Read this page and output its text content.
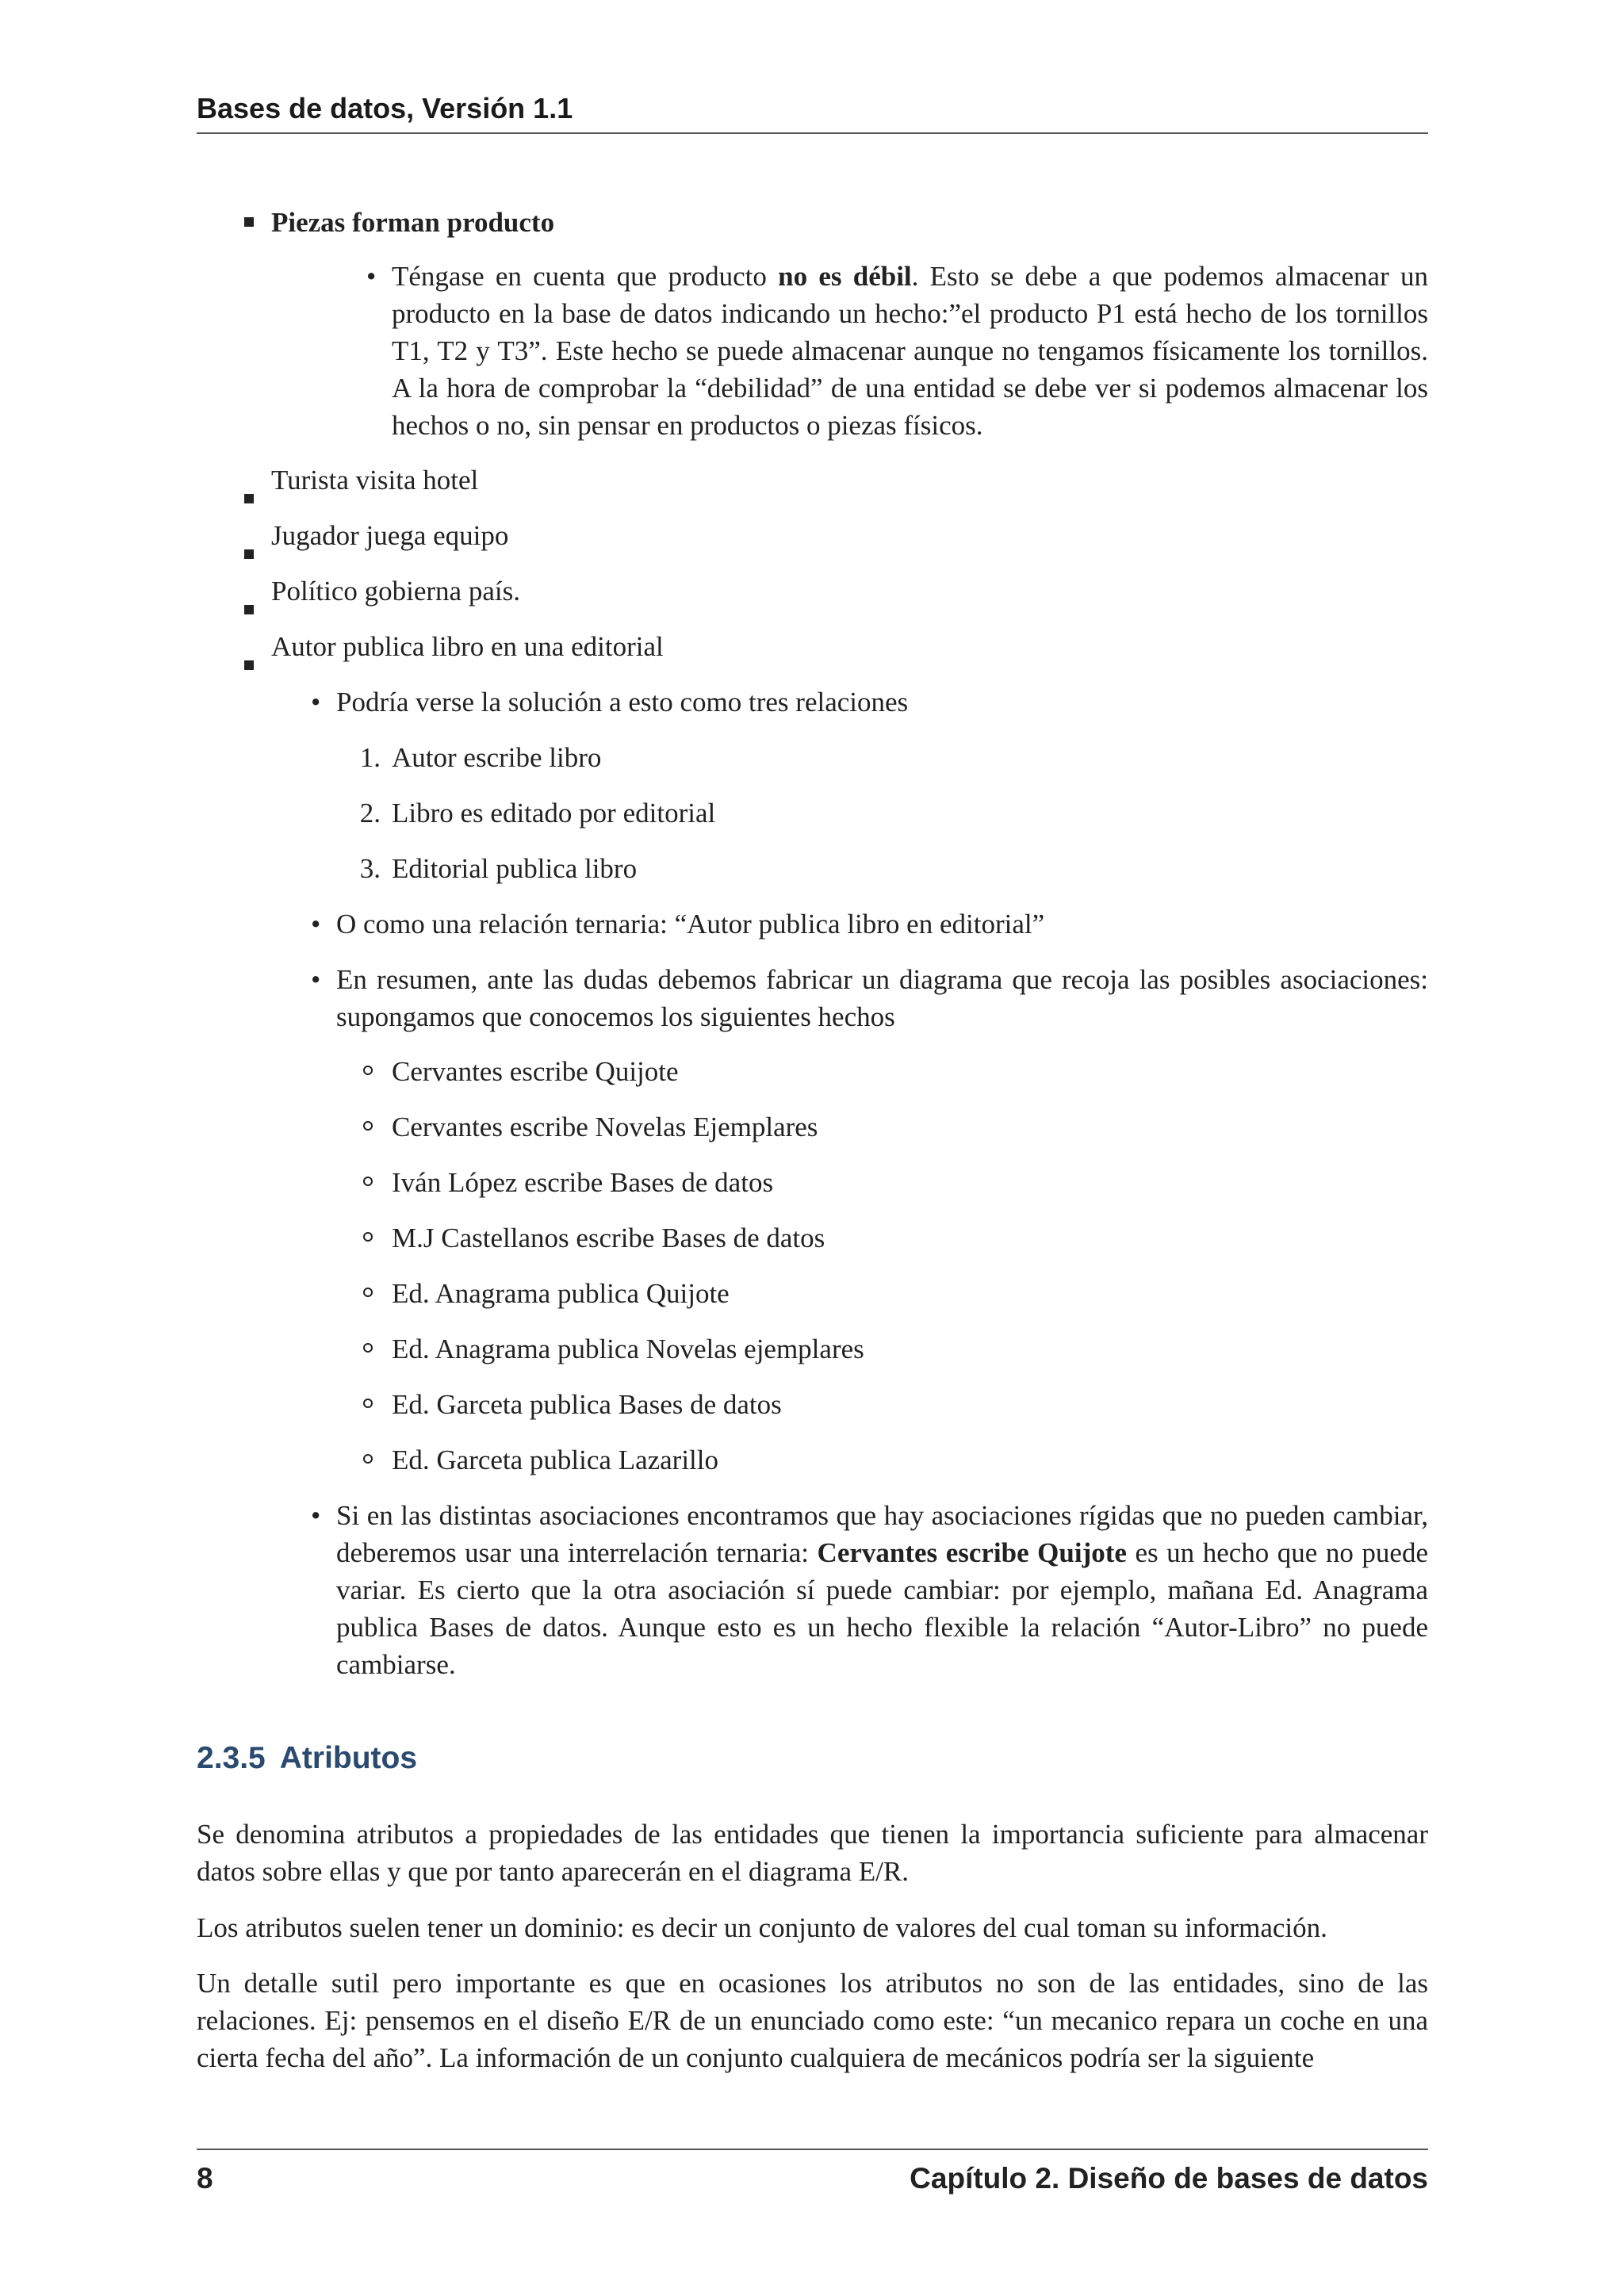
Bases de datos, Versión 1.1
Piezas forman producto
• Téngase en cuenta que producto no es débil. Esto se debe a que podemos almacenar un producto en la base de datos indicando un hecho:”el producto P1 está hecho de los tornillos T1, T2 y T3”. Este hecho se puede almacenar aunque no tengamos físicamente los tornillos. A la hora de comprobar la “debilidad” de una entidad se debe ver si podemos almacenar los hechos o no, sin pensar en productos o piezas físicos.

Turista visita hotel
Jugador juega equipo
Político gobierna país.
Autor publica libro en una editorial
• Podría verse la solución a esto como tres relaciones
1. Autor escribe libro
2. Libro es editado por editorial
3. Editorial publica libro
• O como una relación ternaria: “Autor publica libro en editorial”
• En resumen, ante las dudas debemos fabricar un diagrama que recoja las posibles asociaciones: supongamos que conocemos los siguientes hechos

Cervantes escribe Quijote
Cervantes escribe Novelas Ejemplares
Iván López escribe Bases de datos
M.J Castellanos escribe Bases de datos
Ed. Anagrama publica Quijote
Ed. Anagrama publica Novelas ejemplares
Ed. Garceta publica Bases de datos
Ed. Garceta publica Lazarillo
• Si en las distintas asociaciones encontramos que hay asociaciones rígidas que no pueden cambiar, deberemos usar una interrelación ternaria: Cervantes escribe Quijote es un hecho que no puede variar. Es cierto que la otra asociación sí puede cambiar: por ejemplo, mañana Ed. Anagrama publica Bases de datos. Aunque esto es un hecho flexible la relación “Autor-Libro” no puede cambiarse.

2.3.5 Atributos

Se denomina atributos a propiedades de las entidades que tienen la importancia suficiente para almacenar datos sobre ellas y que por tanto aparecerán en el diagrama E/R.

Los atributos suelen tener un dominio: es decir un conjunto de valores del cual toman su información.

Un detalle sutil pero importante es que en ocasiones los atributos no son de las entidades, sino de las relaciones. Ej: pensemos en el diseño E/R de un enunciado como este: “un mecanico repara un coche en una cierta fecha del año”. La información de un conjunto cualquiera de mecánicos podría ser la siguiente

8	Capítulo 2. Diseño de bases de datos
